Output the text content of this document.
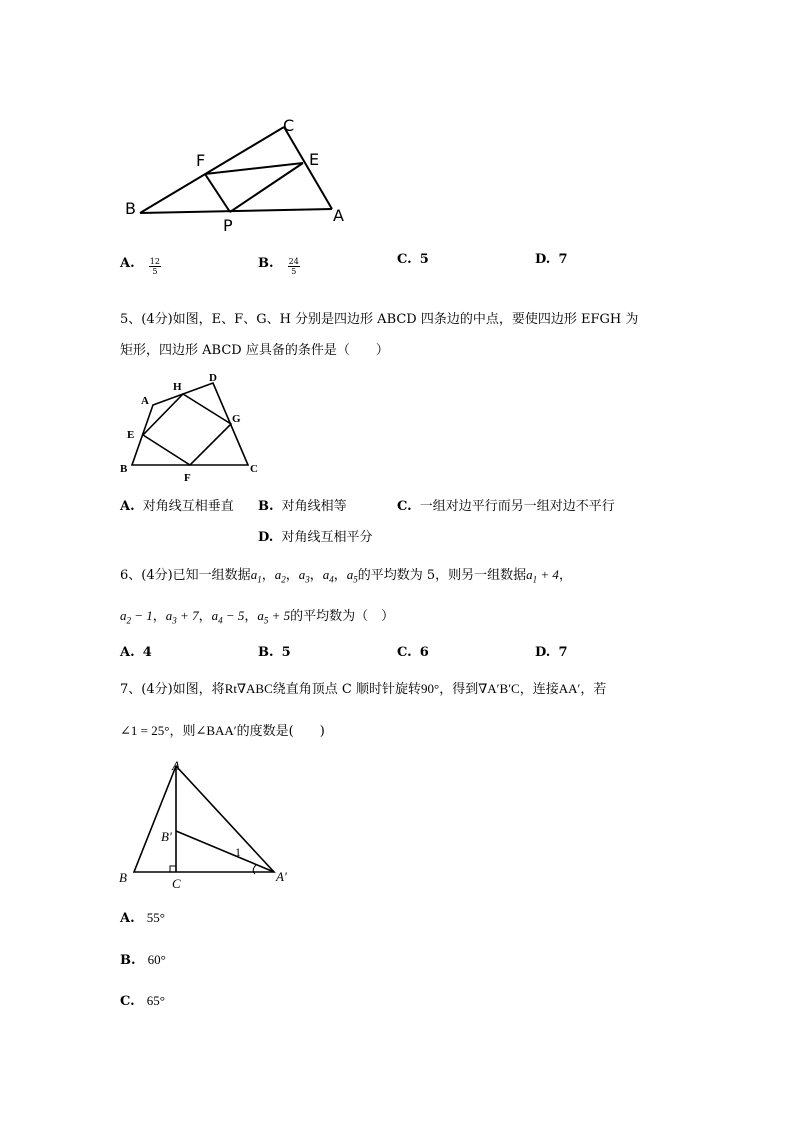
C
F	E
B
P
A
A. $\frac{12}{5}$	B. $\frac{24}{5}$	C. 5	D. 7
5、(4分)如图，E、F、G、H 分别是四边形 ABCD 四条边的中点，要使四边形 EFGH 为
矩形，四边形 ABCD 应具备的条件是（　　）
A
H
D
G
E
B
F
C
A. 对角线互相垂直 B. 对角线相等	C. 一组对边平行而另一组对边不平行
D. 对角线互相平分
6、(4分)已知一组数据$a_1$，$a_2$，$a_3$，$a_4$，$a_5$的平均数为 5，则另一组数据$a_1 + 4$，
$a_2 - 1$，$a_3 + 7$，$a_4 - 5$，$a_5 + 5$的平均数为（　）
A. 4	B. 5	C. 6	D. 7
7、(4分)如图，将Rt∇ABC绕直角顶点 C 顺时针旋转90°，得到∇A′B′C，连接AA′，若
∠1 = 25°，则∠BAA′的度数是(　　)
A
B′
1
B	C	A′
A. 55°
B. 60°
C. 65°
